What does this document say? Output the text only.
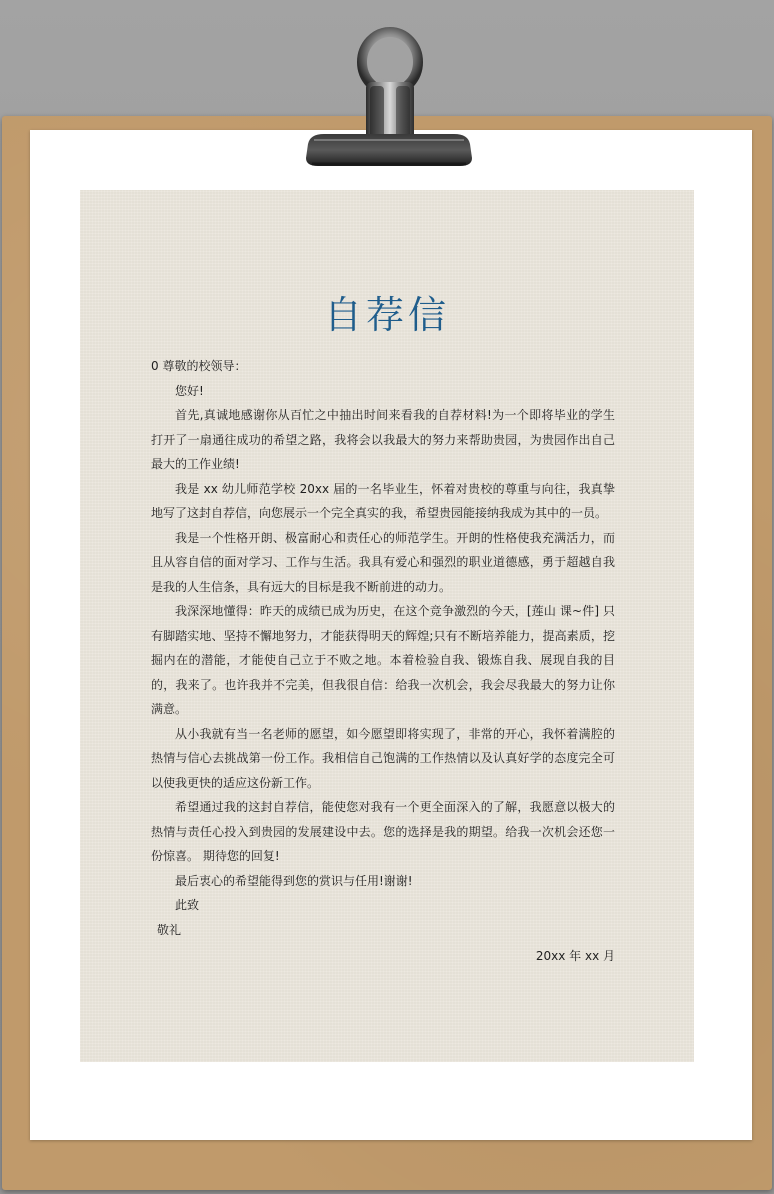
自荐信

0 尊敬的校领导：

您好!

首先,真诚地感谢你从百忙之中抽出时间来看我的自荐材料!为一个即将毕业的学生打开了一扇通往成功的希望之路，我将会以我最大的努力来帮助贵园，为贵园作出自己最大的工作业绩!

我是 xx 幼儿师范学校 20xx 届的一名毕业生，怀着对贵校的尊重与向往，我真挚地写了这封自荐信，向您展示一个完全真实的我，希望贵园能接纳我成为其中的一员。

我是一个性格开朗、极富耐心和责任心的师范学生。开朗的性格使我充满活力，而且从容自信的面对学习、工作与生活。我具有爱心和强烈的职业道德感，勇于超越自我是我的人生信条，具有远大的目标是我不断前进的动力。

我深深地懂得：昨天的成绩已成为历史，在这个竞争激烈的今天，[莲山 课~件] 只有脚踏实地、坚持不懈地努力，才能获得明天的辉煌;只有不断培养能力，提高素质，挖掘内在的潜能，才能使自己立于不败之地。本着检验自我、锻炼自我、展现自我的目的，我来了。也许我并不完美，但我很自信：给我一次机会，我会尽我最大的努力让你满意。

从小我就有当一名老师的愿望，如今愿望即将实现了，非常的开心，我怀着满腔的热情与信心去挑战第一份工作。我相信自己饱满的工作热情以及认真好学的态度完全可以使我更快的适应这份新工作。

希望通过我的这封自荐信，能使您对我有一个更全面深入的了解，我愿意以极大的热情与责任心投入到贵园的发展建设中去。您的选择是我的期望。给我一次机会还您一份惊喜。 期待您的回复!

最后衷心的希望能得到您的赏识与任用!谢谢!

此致

敬礼

20xx 年 xx 月
